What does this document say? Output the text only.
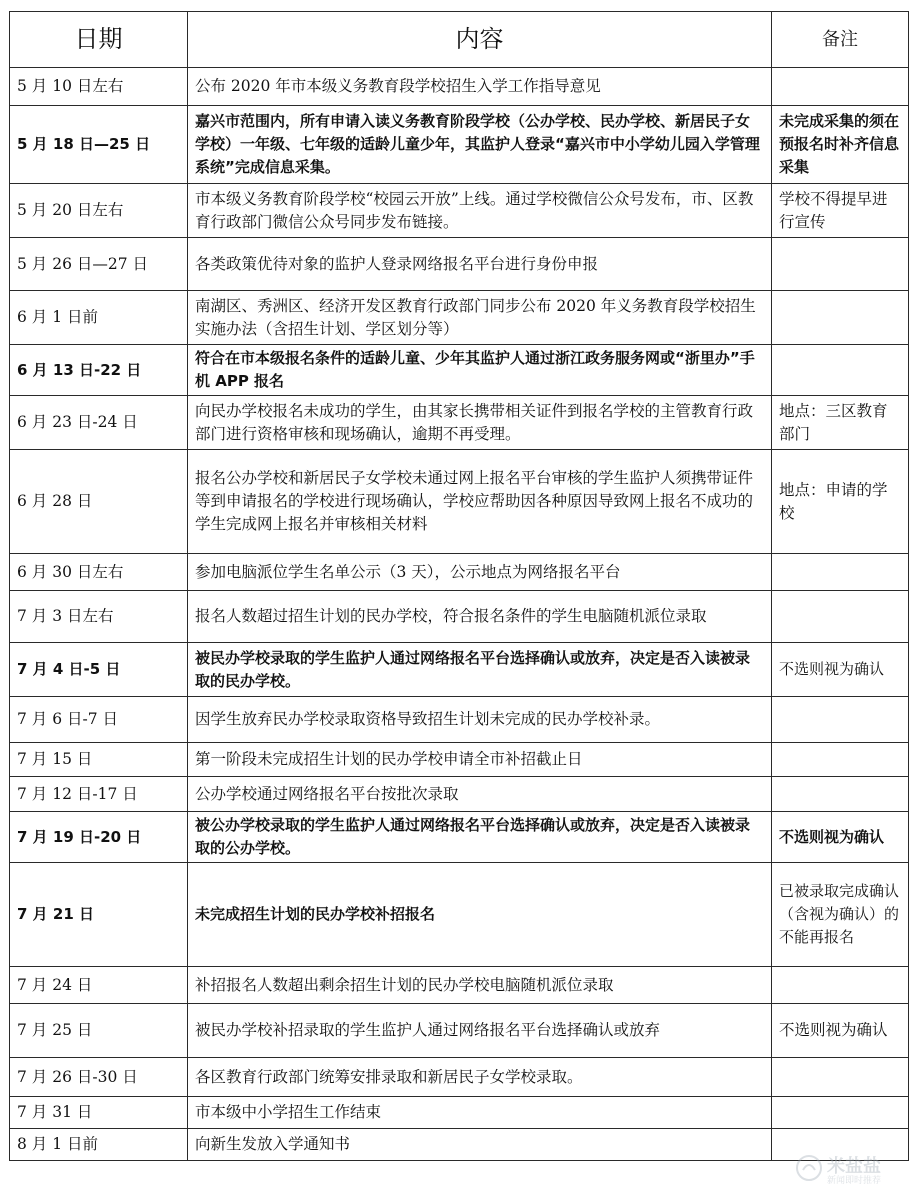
日期	内容	备注
5 月 10 日左右	公布 2020 年市本级义务教育段学校招生入学工作指导意见	
5 月 18 日—25 日	嘉兴市范围内，所有申请入读义务教育阶段学校（公办学校、民办学校、新居民子女学校）一年级、七年级的适龄儿童少年，其监护人登录“嘉兴市中小学幼儿园入学管理系统”完成信息采集。	未完成采集的须在预报名时补齐信息采集
5 月 20 日左右	市本级义务教育阶段学校“校园云开放”上线。通过学校微信公众号发布，市、区教育行政部门微信公众号同步发布链接。	学校不得提早进行宣传
5 月 26 日—27 日	各类政策优待对象的监护人登录网络报名平台进行身份申报	
6 月 1 日前	南湖区、秀洲区、经济开发区教育行政部门同步公布 2020 年义务教育段学校招生实施办法（含招生计划、学区划分等）	
6 月 13 日-22 日	符合在市本级报名条件的适龄儿童、少年其监护人通过浙江政务服务网或“浙里办”手机 APP 报名	
6 月 23 日-24 日	向民办学校报名未成功的学生，由其家长携带相关证件到报名学校的主管教育行政部门进行资格审核和现场确认，逾期不再受理。	地点：三区教育部门
6 月 28 日	报名公办学校和新居民子女学校未通过网上报名平台审核的学生监护人须携带证件等到申请报名的学校进行现场确认，学校应帮助因各种原因导致网上报名不成功的学生完成网上报名并审核相关材料	地点：申请的学校
6 月 30 日左右	参加电脑派位学生名单公示（3 天），公示地点为网络报名平台	
7 月 3 日左右	报名人数超过招生计划的民办学校，符合报名条件的学生电脑随机派位录取	
7 月 4 日-5 日	被民办学校录取的学生监护人通过网络报名平台选择确认或放弃，决定是否入读被录取的民办学校。	不选则视为确认
7 月 6 日-7 日	因学生放弃民办学校录取资格导致招生计划未完成的民办学校补录。	
7 月 15 日	第一阶段未完成招生计划的民办学校申请全市补招截止日	
7 月 12 日-17 日	公办学校通过网络报名平台按批次录取	
7 月 19 日-20 日	被公办学校录取的学生监护人通过网络报名平台选择确认或放弃，决定是否入读被录取的公办学校。	不选则视为确认
7 月 21 日	未完成招生计划的民办学校补招报名	已被录取完成确认（含视为确认）的不能再报名
7 月 24 日	补招报名人数超出剩余招生计划的民办学校电脑随机派位录取	
7 月 25 日	被民办学校补招录取的学生监护人通过网络报名平台选择确认或放弃	不选则视为确认
7 月 26 日-30 日	各区教育行政部门统筹安排录取和新居民子女学校录取。	
7 月 31 日	市本级中小学招生工作结束	
8 月 1 日前	向新生发放入学通知书	
米盐盐
新闻即时推荐
